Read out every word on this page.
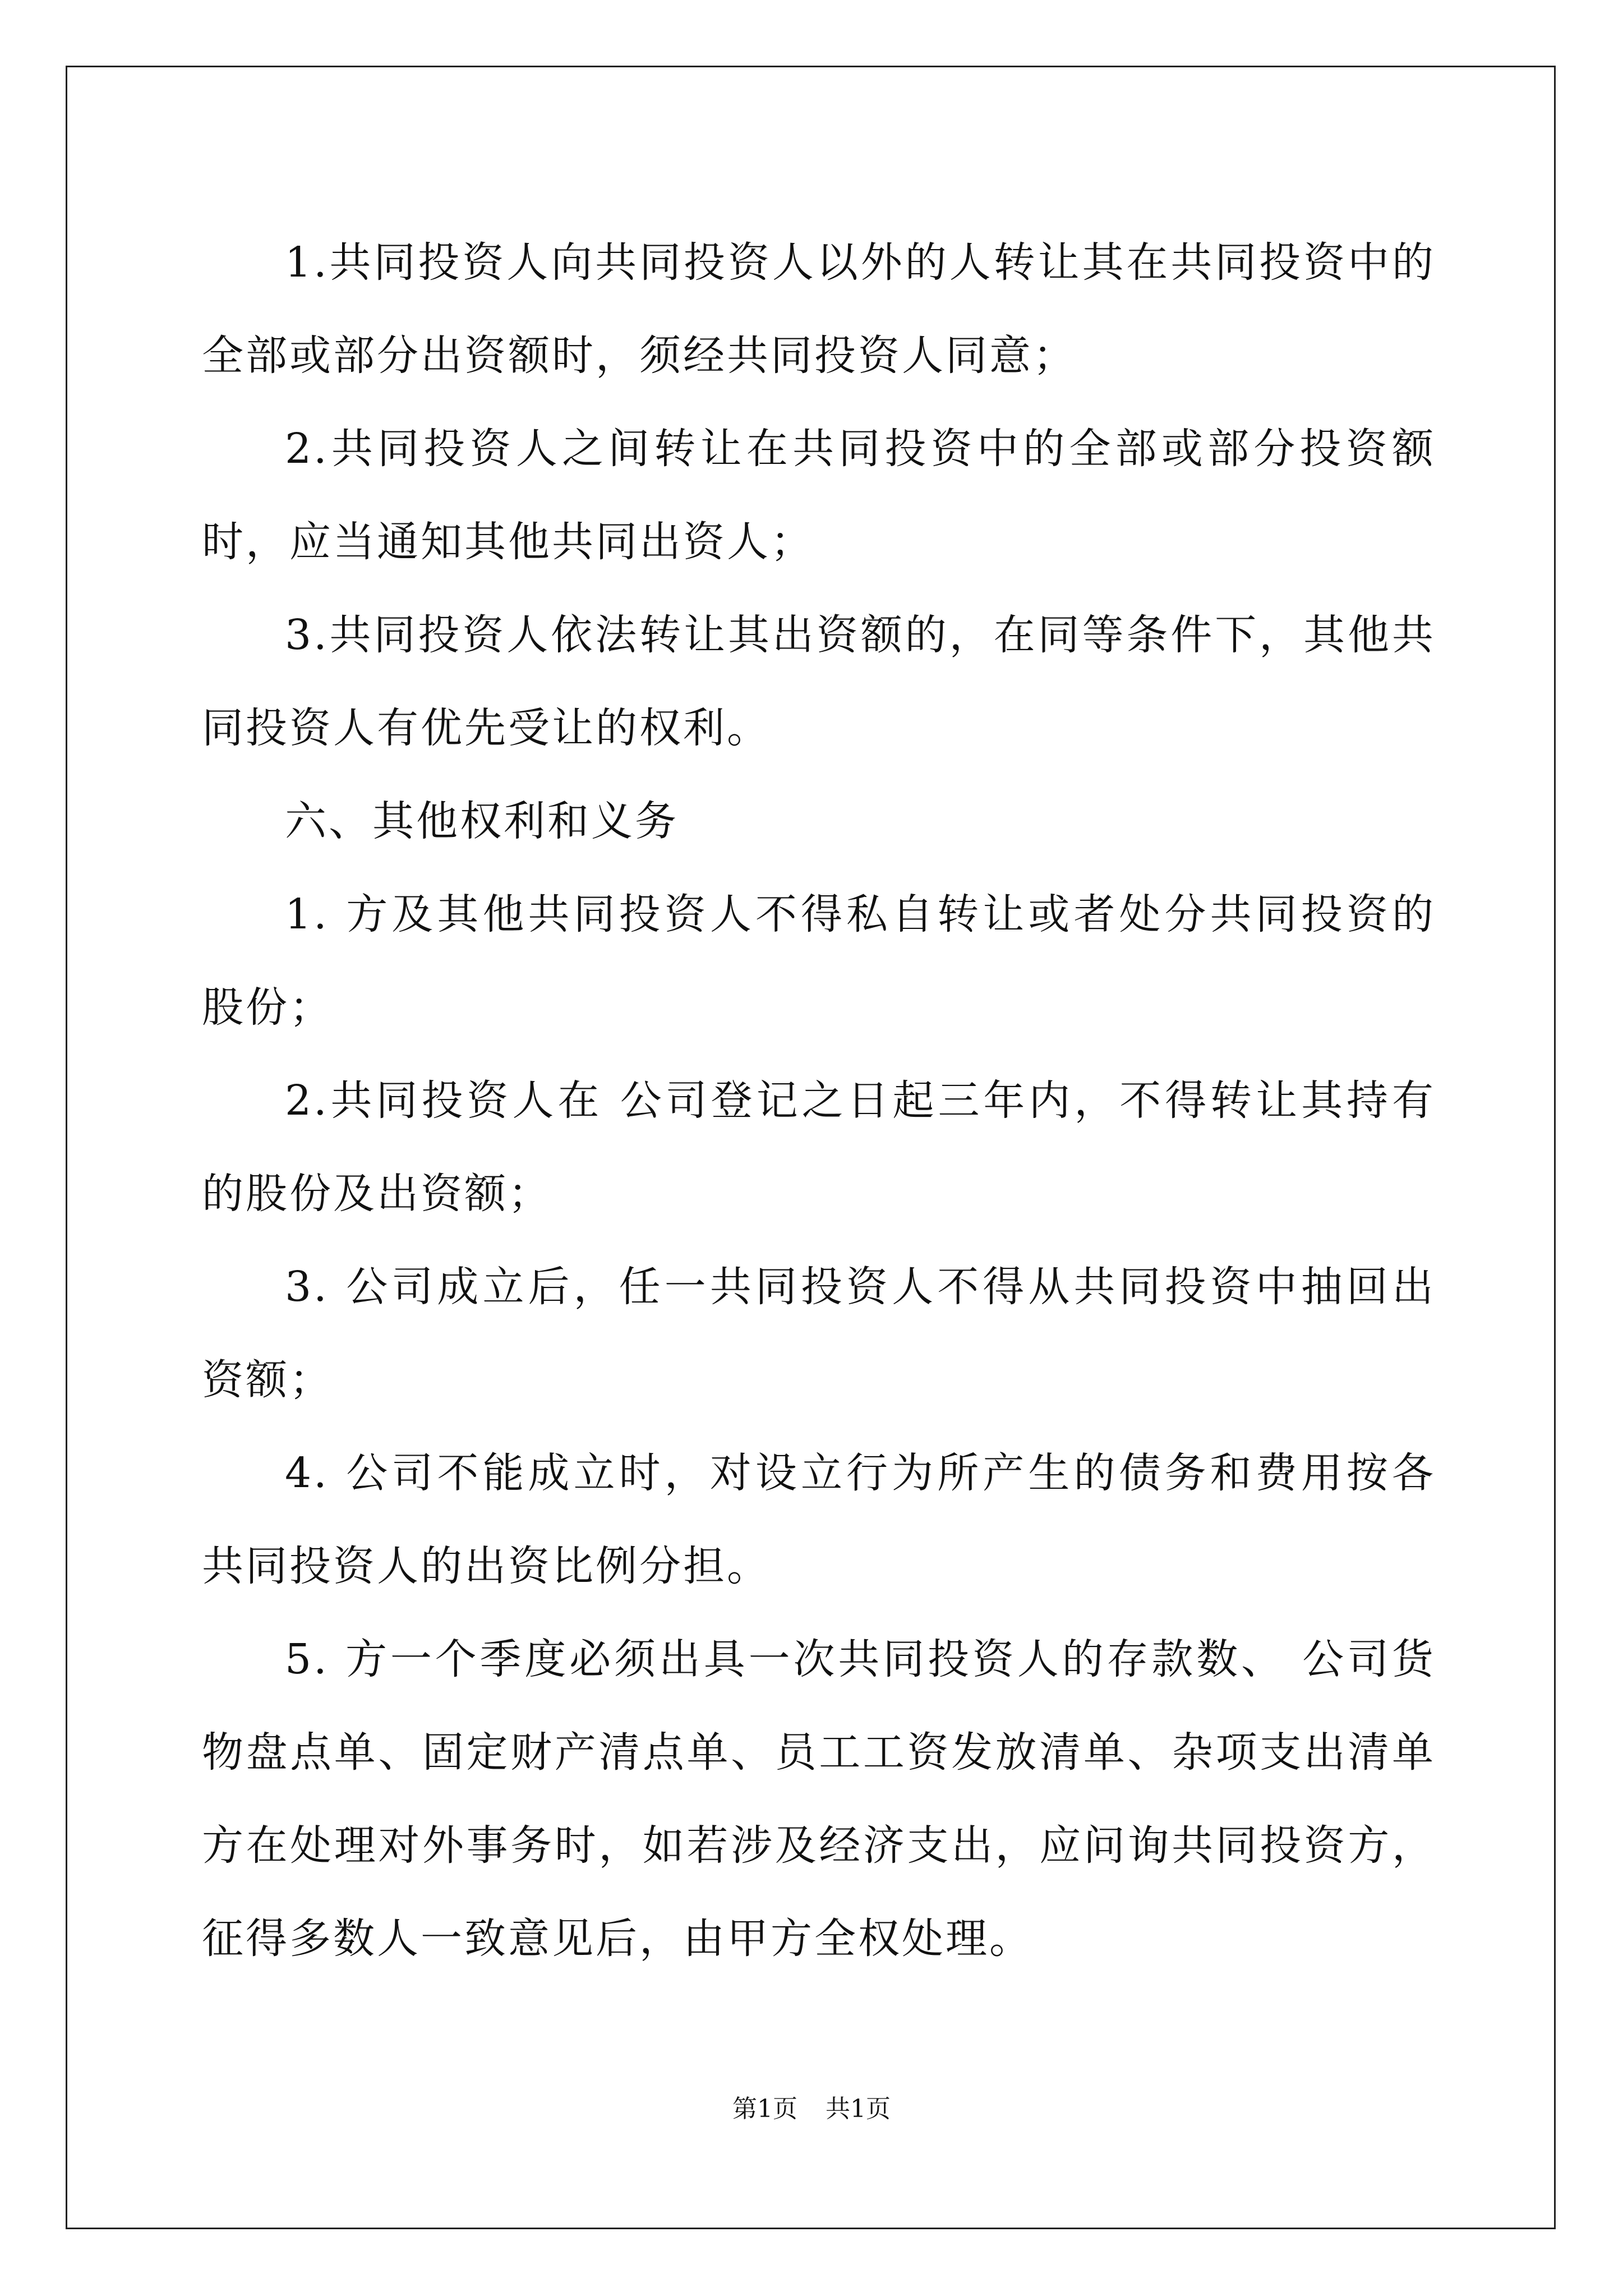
1.共同投资人向共同投资人以外的人转让其在共同投资中的全部或部分出资额时，须经共同投资人同意；

2.共同投资人之间转让在共同投资中的全部或部分投资额时，应当通知其他共同出资人；

3.共同投资人依法转让其出资额的，在同等条件下，其他共同投资人有优先受让的权利。

六、其他权利和义务

1. 方及其他共同投资人不得私自转让或者处分共同投资的股份；

2.共同投资人在 公司登记之日起三年内，不得转让其持有的股份及出资额；

3. 公司成立后，任一共同投资人不得从共同投资中抽回出资额；

4. 公司不能成立时，对设立行为所产生的债务和费用按各共同投资人的出资比例分担。

5. 方一个季度必须出具一次共同投资人的存款数、 公司货物盘点单、固定财产清点单、员工工资发放清单、杂项支出清单 方在处理对外事务时，如若涉及经济支出，应问询共同投资方，征得多数人一致意见后，由甲方全权处理。

第1页 共1页
